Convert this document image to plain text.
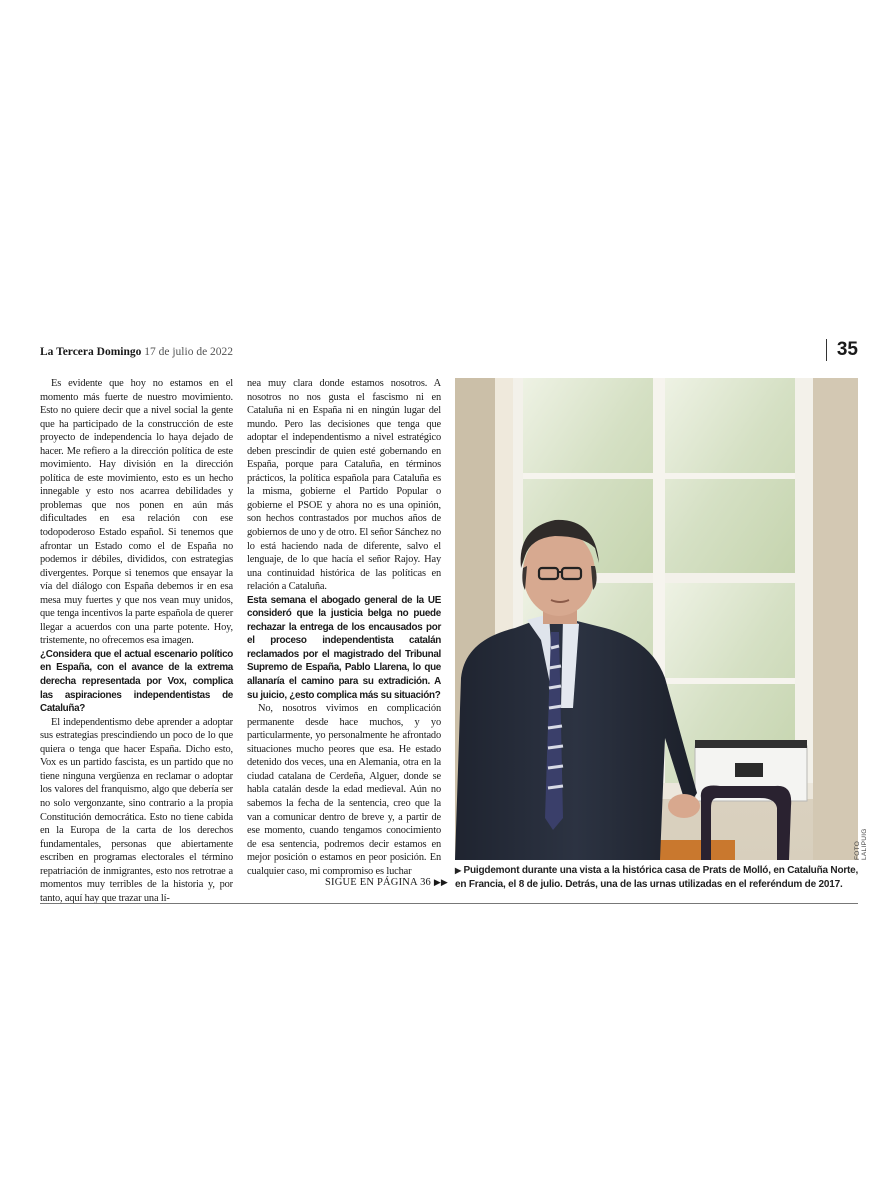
La Tercera Domingo 17 de julio de 2022	35

Es evidente que hoy no estamos en el momento más fuerte de nuestro movimiento. Esto no quiere decir que a nivel social la gente que ha participado de la construcción de este proyecto de independencia lo haya dejado de hacer. Me refiero a la dirección política de este movimiento. Hay división en la dirección política de este movimiento, esto es un hecho innegable y esto nos acarrea debilidades y problemas que nos ponen en aún más dificultades en esa relación con ese todopoderoso Estado español. Si tenemos que afrontar un Estado como el de España no podemos ir débiles, divididos, con estrategias divergentes. Porque si tenemos que ensayar la vía del diálogo con España debemos ir en esa mesa muy fuertes y que nos vean muy unidos, que tenga incentivos la parte española de querer llegar a acuerdos con una parte potente. Hoy, tristemente, no ofrecemos esa imagen.

¿Considera que el actual escenario político en España, con el avance de la extrema derecha representada por Vox, complica las aspiraciones independentistas de Cataluña?

El independentismo debe aprender a adoptar sus estrategias prescindiendo un poco de lo que quiera o tenga que hacer España. Dicho esto, Vox es un partido fascista, es un partido que no tiene ninguna vergüenza en reclamar o adoptar los valores del franquismo, algo que debería ser no solo vergonzante, sino contrario a la propia Constitución democrática. Esto no tiene cabida en la Europa de la carta de los derechos fundamentales, personas que abiertamente escriben en programas electorales el término repatriación de inmigrantes, esto nos retrotrae a momentos muy terribles de la historia y, por tanto, aquí hay que trazar una lí-

nea muy clara donde estamos nosotros. A nosotros no nos gusta el fascismo ni en Cataluña ni en España ni en ningún lugar del mundo. Pero las decisiones que tenga que adoptar el independentismo a nivel estratégico deben prescindir de quien esté gobernando en España, porque para Cataluña, en términos prácticos, la política española para Cataluña es la misma, gobierne el Partido Popular o gobierne el PSOE y ahora no es una opinión, son hechos contrastados por muchos años de gobiernos de uno y de otro. El señor Sánchez no lo está haciendo nada de diferente, salvo el lenguaje, de lo que hacía el señor Rajoy. Hay una continuidad histórica de las políticas en relación a Cataluña.

Esta semana el abogado general de la UE consideró que la justicia belga no puede rechazar la entrega de los encausados por el proceso independentista catalán reclamados por el magistrado del Tribunal Supremo de España, Pablo Llarena, lo que allanaría el camino para su extradición. A su juicio, ¿esto complica más su situación?

No, nosotros vivimos en complicación permanente desde hace muchos, y yo particularmente, yo personalmente he afrontado situaciones mucho peores que esa. He estado detenido dos veces, una en Alemania, otra en la ciudad catalana de Cerdeña, Alguer, donde se habla catalán desde la edad medieval. Aún no sabemos la fecha de la sentencia, creo que la van a comunicar dentro de breve y, a partir de ese momento, cuando tengamos conocimiento de esa sentencia, podremos decir estamos en mejor posición o estamos en peor posición. En cualquier caso, mi compromiso es luchar

SIGUE EN PÁGINA 36 ▶▶
FOTO LALIPUIG
▶ Puigdemont durante una vista a la histórica casa de Prats de Molló, en Cataluña Norte, en Francia, el 8 de julio. Detrás, una de las urnas utilizadas en el referéndum de 2017.
